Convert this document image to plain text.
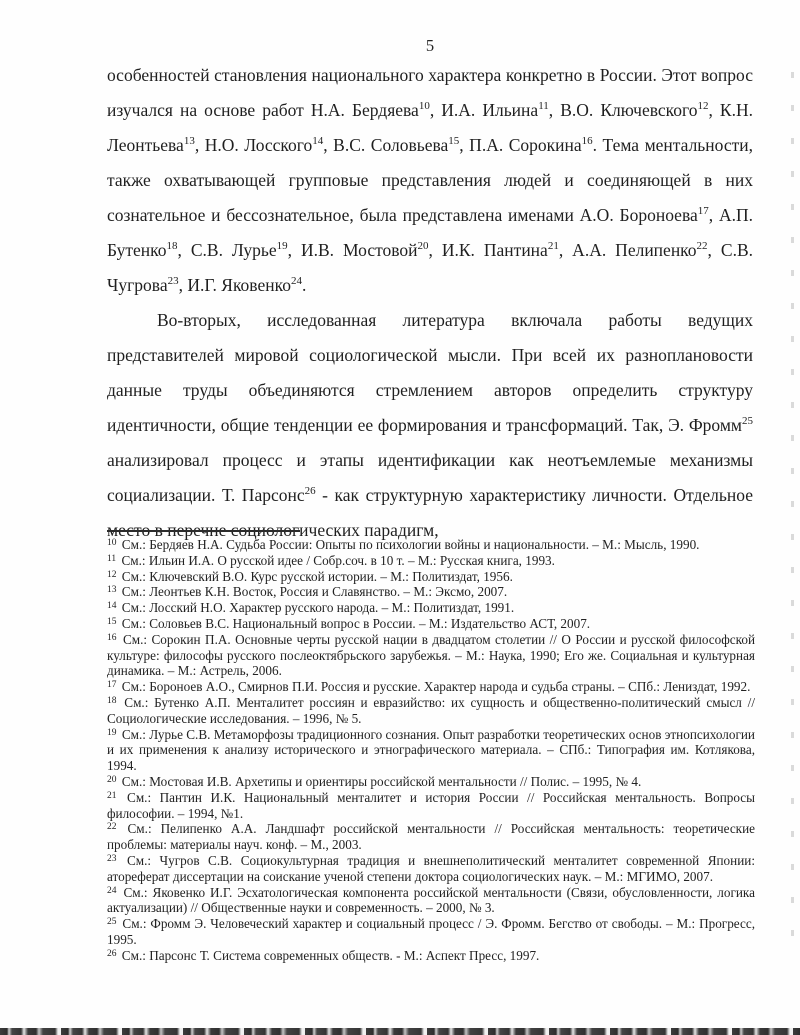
5

особенностей становления национального характера конкретно в России. Этот вопрос изучался на основе работ Н.А. Бердяева$^{10}$, И.А. Ильина$^{11}$, В.О. Ключевского$^{12}$, К.Н. Леонтьева$^{13}$, Н.О. Лосского$^{14}$, В.С. Соловьева$^{15}$, П.А. Сорокина$^{16}$. Тема ментальности, также охватывающей групповые представления людей и соединяющей в них сознательное и бессознательное, была представлена именами А.О. Бороноева$^{17}$, А.П. Бутенко$^{18}$, С.В. Лурье$^{19}$, И.В. Мостовой$^{20}$, И.К. Пантина$^{21}$, А.А. Пелипенко$^{22}$, С.В. Чугрова$^{23}$, И.Г. Яковенко$^{24}$.

Во-вторых, исследованная литература включала работы ведущих представителей мировой социологической мысли. При всей их разноплановости данные труды объединяются стремлением авторов определить структуру идентичности, общие тенденции ее формирования и трансформаций. Так, Э. Фромм$^{25}$ анализировал процесс и этапы идентификации как неотъемлемые механизмы социализации. Т. Парсонс$^{26}$ - как структурную характеристику личности. Отдельное место в перечне социологических парадигм,

$^{10}$ См.: Бердяев Н.А. Судьба России: Опыты по психологии войны и национальности. – М.: Мысль, 1990.
$^{11}$ См.: Ильин И.А. О русской идее / Собр.соч. в 10 т. – М.: Русская книга, 1993.
$^{12}$ См.: Ключевский В.О. Курс русской истории. – М.: Политиздат, 1956.
$^{13}$ См.: Леонтьев К.Н. Восток, Россия и Славянство. – М.: Эксмо, 2007.
$^{14}$ См.: Лосский Н.О. Характер русского народа. – М.: Политиздат, 1991.
$^{15}$ См.: Соловьев В.С. Национальный вопрос в России. – М.: Издательство АСТ, 2007.
$^{16}$ См.: Сорокин П.А. Основные черты русской нации в двадцатом столетии // О России и русской философской культуре: философы русского послеоктябрьского зарубежья. – М.: Наука, 1990; Его же. Социальная и культурная динамика. – М.: Астрель, 2006.
$^{17}$ См.: Бороноев А.О., Смирнов П.И. Россия и русские. Характер народа и судьба страны. – СПб.: Лениздат, 1992.
$^{18}$ См.: Бутенко А.П. Менталитет россиян и евразийство: их сущность и общественно-политический смысл // Социологические исследования. – 1996, № 5.
$^{19}$ См.: Лурье С.В. Метаморфозы традиционного сознания. Опыт разработки теоретических основ этнопсихологии и их применения к анализу исторического и этнографического материала. – СПб.: Типография им. Котлякова, 1994.
$^{20}$ См.: Мостовая И.В. Архетипы и ориентиры российской ментальности // Полис. – 1995, № 4.
$^{21}$ См.: Пантин И.К. Национальный менталитет и история России // Российская ментальность. Вопросы философии. – 1994, №1.
$^{22}$ См.: Пелипенко А.А. Ландшафт российской ментальности // Российская ментальность: теоретические проблемы: материалы науч. конф. – М., 2003.
$^{23}$ См.: Чугров С.В. Социокультурная традиция и внешнеполитический менталитет современной Японии: атореферат диссертации на соискание ученой степени доктора социологических наук. – М.: МГИМО, 2007.
$^{24}$ См.: Яковенко И.Г. Эсхатологическая компонента российской ментальности (Связи, обусловленности, логика актуализации) // Общественные науки и современность. – 2000, № 3.
$^{25}$ См.: Фромм Э. Человеческий характер и социальный процесс / Э. Фромм. Бегство от свободы. – М.: Прогресс, 1995.
$^{26}$ См.: Парсонс Т. Система современных обществ. - М.: Аспект Пресс, 1997.
